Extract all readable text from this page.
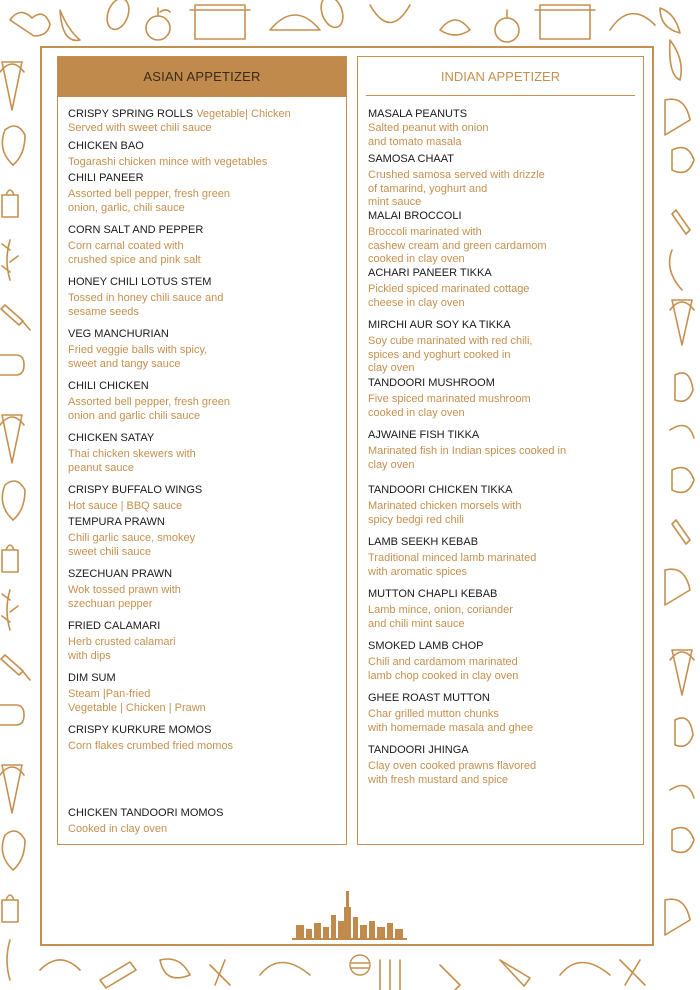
ASIAN APPETIZER
CRISPY SPRING ROLLS Vegetable| Chicken
Served with sweet chili sauce
CHICKEN BAO
Togarashi chicken mince with vegetables
CHILI PANEER
Assorted bell pepper, fresh green
onion, garlic, chili sauce
CORN SALT AND PEPPER
Corn carnal coated with
crushed spice and pink salt
HONEY CHILI LOTUS STEM
Tossed in honey chili sauce and
sesame seeds
VEG MANCHURIAN
Fried veggie balls with spicy,
sweet and tangy sauce
CHILI CHICKEN
Assorted bell pepper, fresh green
onion and garlic chili sauce
CHICKEN SATAY
Thai chicken skewers with
peanut sauce
CRISPY BUFFALO WINGS
Hot sauce | BBQ sauce
TEMPURA PRAWN
Chili garlic sauce, smokey
sweet chili sauce
SZECHUAN PRAWN
Wok tossed prawn with
szechuan pepper
FRIED CALAMARI
Herb crusted calamari
with dips
DIM SUM
Steam |Pan-fried
Vegetable | Chicken | Prawn
CRISPY KURKURE MOMOS
Corn flakes crumbed fried momos
CHICKEN TANDOORI MOMOS
Cooked in clay oven
INDIAN APPETIZER
MASALA PEANUTS
Salted peanut with onion
and tomato masala
SAMOSA CHAAT
Crushed samosa served with drizzle
of tamarind, yoghurt and
mint sauce
MALAI BROCCOLI
Broccoli marinated with
cashew cream and green cardamom
cooked in clay oven
ACHARI PANEER TIKKA
Pickled spiced marinated cottage
cheese in clay oven
MIRCHI AUR SOY KA TIKKA
Soy cube marinated with red chili,
spices and yoghurt cooked in
clay oven
TANDOORI MUSHROOM
Five spiced marinated mushroom
cooked in clay oven
AJWAINE FISH TIKKA
Marinated fish in Indian spices cooked in
clay oven
TANDOORI CHICKEN TIKKA
Marinated chicken morsels with
spicy bedgi red chili
LAMB SEEKH KEBAB
Traditional minced lamb marinated
with aromatic spices
MUTTON CHAPLI KEBAB
Lamb mince, onion, coriander
and chili mint sauce
SMOKED LAMB CHOP
Chili and cardamom marinated
lamb chop cooked in clay oven
GHEE ROAST MUTTON
Char grilled mutton chunks
with homemade masala and ghee
TANDOORI JHINGA
Clay oven cooked prawns flavored
with fresh mustard and spice
